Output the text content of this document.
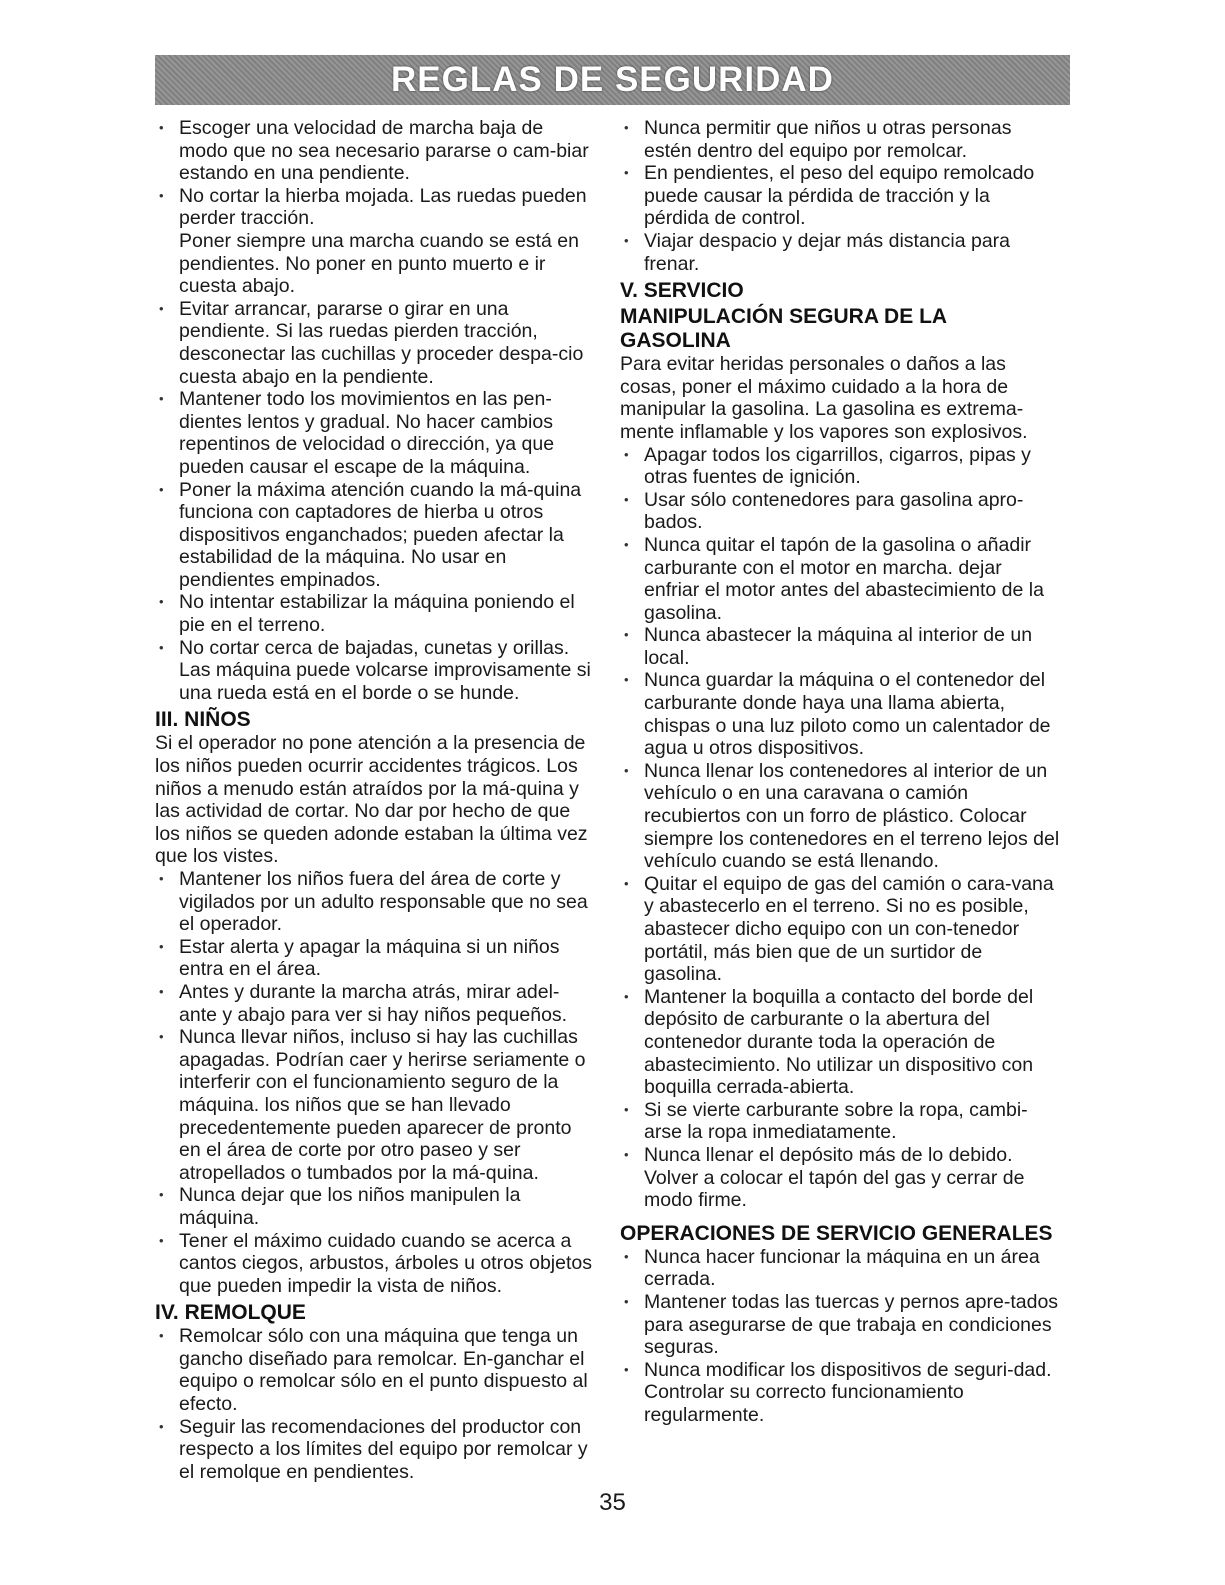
REGLAS DE SEGURIDAD
• Escoger una velocidad de marcha baja de modo que no sea necesario pararse o cam-biar estando en una pendiente.
• No cortar la hierba mojada. Las ruedas pueden perder tracción.

Poner siempre una marcha cuando se está en pendientes. No poner en punto muerto e ir cuesta abajo.

• Evitar arrancar, pararse o girar en una pendiente. Si las ruedas pierden tracción, desconectar las cuchillas y proceder despa-cio cuesta abajo en la pendiente.
• Mantener todo los movimientos en las pen-dientes lentos y gradual. No hacer cambios repentinos de velocidad o dirección, ya que pueden causar el escape de la máquina.
• Poner la máxima atención cuando la má-quina funciona con captadores de hierba u otros dispositivos enganchados; pueden afectar la estabilidad de la máquina. No usar en pendientes empinados.
• No intentar estabilizar la máquina poniendo el pie en el terreno.
• No cortar cerca de bajadas, cunetas y orillas. Las máquina puede volcarse improvisamente si una rueda está en el borde o se hunde.
III. NIÑOS

Si el operador no pone atención a la presencia de los niños pueden ocurrir accidentes trágicos. Los niños a menudo están atraídos por la má-quina y las actividad de cortar. No dar por hecho de que los niños se queden adonde estaban la última vez que los vistes.

• Mantener los niños fuera del área de corte y vigilados por un adulto responsable que no sea el operador.
• Estar alerta y apagar la máquina si un niños entra en el área.
• Antes y durante la marcha atrás, mirar adel-ante y abajo para ver si hay niños pequeños.
• Nunca llevar niños, incluso si hay las cuchillas apagadas. Podrían caer y herirse seriamente o interferir con el funcionamiento seguro de la máquina. los niños que se han llevado precedentemente pueden aparecer de pronto en el área de corte por otro paseo y ser atropellados o tumbados por la má-quina.
• Nunca dejar que los niños manipulen la máquina.
• Tener el máximo cuidado cuando se acerca a cantos ciegos, arbustos, árboles u otros objetos que pueden impedir la vista de niños.
IV. REMOLQUE
• Remolcar sólo con una máquina que tenga un gancho diseñado para remolcar. En-ganchar el equipo o remolcar sólo en el punto dispuesto al efecto.
• Seguir las recomendaciones del productor con respecto a los límites del equipo por remolcar y el remolque en pendientes.
• Nunca permitir que niños u otras personas estén dentro del equipo por remolcar.
• En pendientes, el peso del equipo remolcado puede causar la pérdida de tracción y la pérdida de control.
• Viajar despacio y dejar más distancia para frenar.
V. SERVICIO
MANIPULACIÓN SEGURA DE LA GASOLINA

Para evitar heridas personales o daños a las cosas, poner el máximo cuidado a la hora de manipular la gasolina. La gasolina es extrema-mente inflamable y los vapores son explosivos.

• Apagar todos los cigarrillos, cigarros, pipas y otras fuentes de ignición.
• Usar sólo contenedores para gasolina apro-bados.
• Nunca quitar el tapón de la gasolina o añadir carburante con el motor en marcha. dejar enfriar el motor antes del abastecimiento de la gasolina.
• Nunca abastecer la máquina al interior de un local.
• Nunca guardar la máquina o el contenedor del carburante donde haya una llama abierta, chispas o una luz piloto como un calentador de agua u otros dispositivos.
• Nunca llenar los contenedores al interior de un vehículo o en una caravana o camión recubiertos con un forro de plástico. Colocar siempre los contenedores en el terreno lejos del vehículo cuando se está llenando.
• Quitar el equipo de gas del camión o cara-vana y abastecerlo en el terreno. Si no es posible, abastecer dicho equipo con un con-tenedor portátil, más bien que de un surtidor de gasolina.
• Mantener la boquilla a contacto del borde del depósito de carburante o la abertura del contenedor durante toda la operación de abastecimiento. No utilizar un dispositivo con boquilla cerrada-abierta.
• Si se vierte carburante sobre la ropa, cambi-arse la ropa inmediatamente.
• Nunca llenar el depósito más de lo debido. Volver a colocar el tapón del gas y cerrar de modo firme.
OPERACIONES DE SERVICIO GENERALES
• Nunca hacer funcionar la máquina en un área cerrada.
• Mantener todas las tuercas y pernos apre-tados para asegurarse de que trabaja en condiciones seguras.
• Nunca modificar los dispositivos de seguri-dad. Controlar su correcto funcionamiento regularmente.
35
